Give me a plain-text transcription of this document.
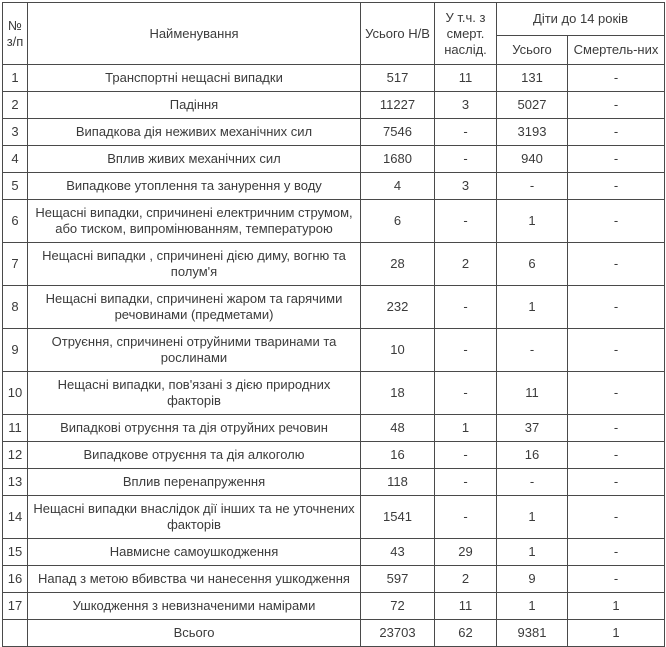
№ з/п	Найменування	Усього Н/В	У т.ч. з смерт. наслід.	Діти до 14 років	
				Усього	Смертель-них
1	Транспортні нещасні випадки	517	11	131	-
2	Падіння	11227	3	5027	-
3	Випадкова дія неживих механічних сил	7546	-	3193	-
4	Вплив живих механічних сил	1680	-	940	-
5	Випадкове утоплення та занурення у воду	4	3	-	-
6	Нещасні випадки, спричинені електричним струмом, або тиском, випромінюванням, температурою	6	-	1	-
7	Нещасні випадки , спричинені дією диму, вогню та полум'я	28	2	6	-
8	Нещасні випадки, спричинені жаром та гарячими речовинами (предметами)	232	-	1	-
9	Отруєння, спричинені отруйними тваринами та рослинами	10	-	-	-
10	Нещасні випадки, пов'язані з дією природних факторів	18	-	11	-
11	Випадкові отруєння та дія отруйних речовин	48	1	37	-
12	Випадкове отруєння та дія алкоголю	16	-	16	-
13	Вплив перенапруження	118	-	-	-
14	Нещасні випадки внаслідок дії інших та не уточнених факторів	1541	-	1	-
15	Навмисне самоушкодження	43	29	1	-
16	Напад з метою вбивства чи нанесення ушкодження	597	2	9	-
17	Ушкодження з невизначеними намірами	72	11	1	1
	Всього	23703	62	9381	1
